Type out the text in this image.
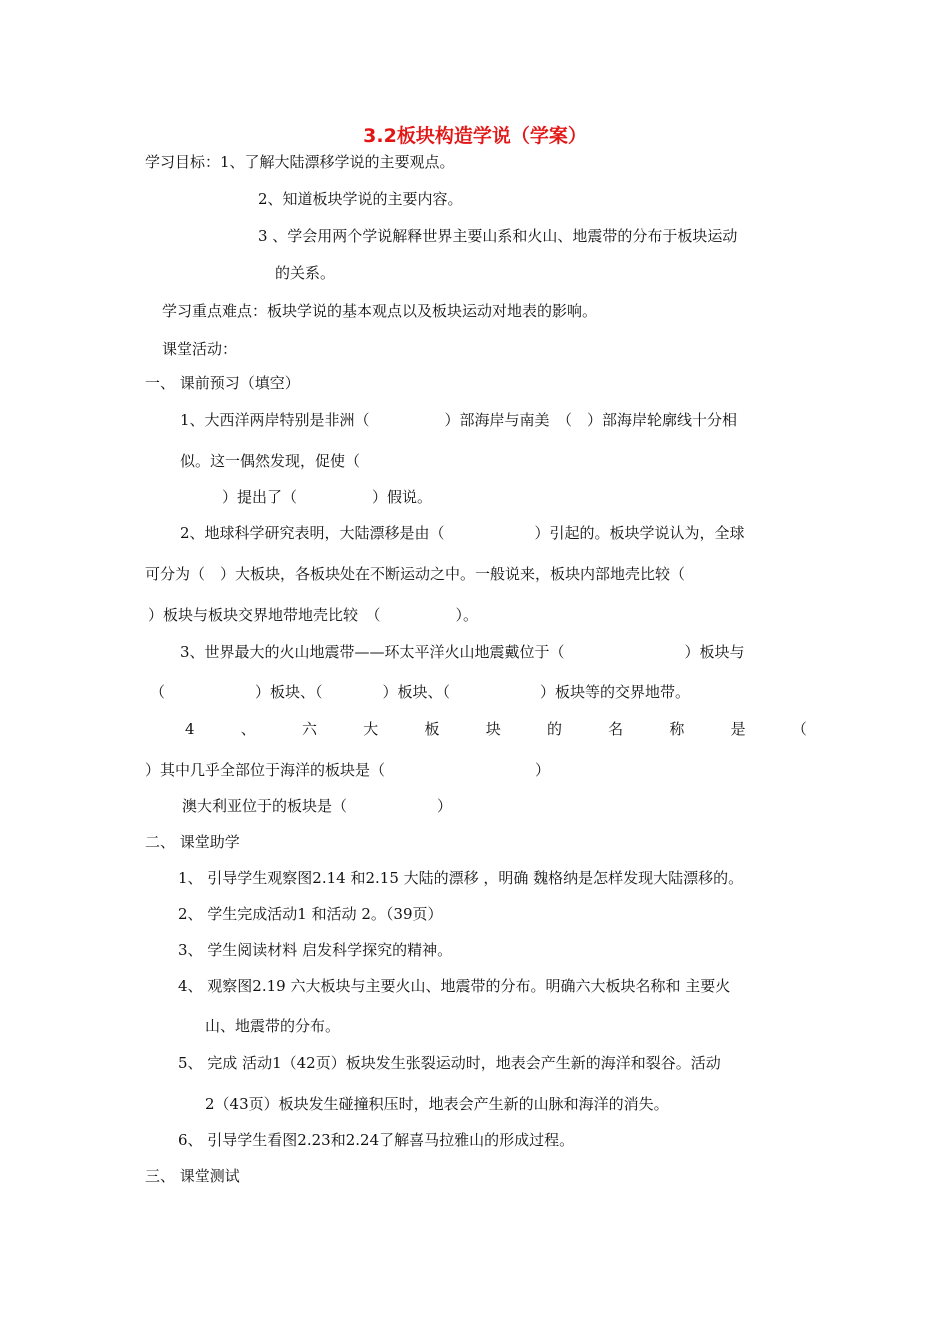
3.2板块构造学说（学案）
学习目标：1、了解大陆漂移学说的主要观点。
2、知道板块学说的主要内容。
3 、学会用两个学说解释世界主要山系和火山、地震带的分布于板块运动
的关系。
学习重点难点：板块学说的基本观点以及板块运动对地表的影响。
课堂活动：
一、 课前预习（填空）
1、大西洋两岸特别是非洲（　　　　　）部海岸与南美　（　）部海岸轮廓线十分相
似。这一偶然发现，促使（
）提出了（　　　　　）假说。
2、地球科学研究表明，大陆漂移是由（　　　　　　）引起的。板块学说认为，全球
可分为（　）大板块，各板块处在不断运动之中。一般说来，板块内部地壳比较（
）板块与板块交界地带地壳比较　（　　　　　）。
3、世界最大的火山地震带——环太平洋火山地震戴位于（　　　　　　　　）板块与
（　　　　　　）板块、（　　　　）板块、（　　　　　　）板块等的交界地带。
4	、	六	大	板	块	的	名	称	是	（
）其中几乎全部位于海洋的板块是（　　　　　　　　　　）
澳大利亚位于的板块是（　　　　　　）
二、 课堂助学
1、 引导学生观察图2.14 和2.15 大陆的漂移 ，明确 魏格纳是怎样发现大陆漂移的。
2、 学生完成活动1 和活动 2。（39页）
3、 学生阅读材料 启发科学探究的精神。
4、 观察图2.19 六大板块与主要火山、地震带的分布。明确六大板块名称和 主要火
山、地震带的分布。
5、 完成 活动1（42页）板块发生张裂运动时，地表会产生新的海洋和裂谷。活动
2（43页）板块发生碰撞积压时，地表会产生新的山脉和海洋的消失。
6、 引导学生看图2.23和2.24了解喜马拉雅山的形成过程。
三、 课堂测试
